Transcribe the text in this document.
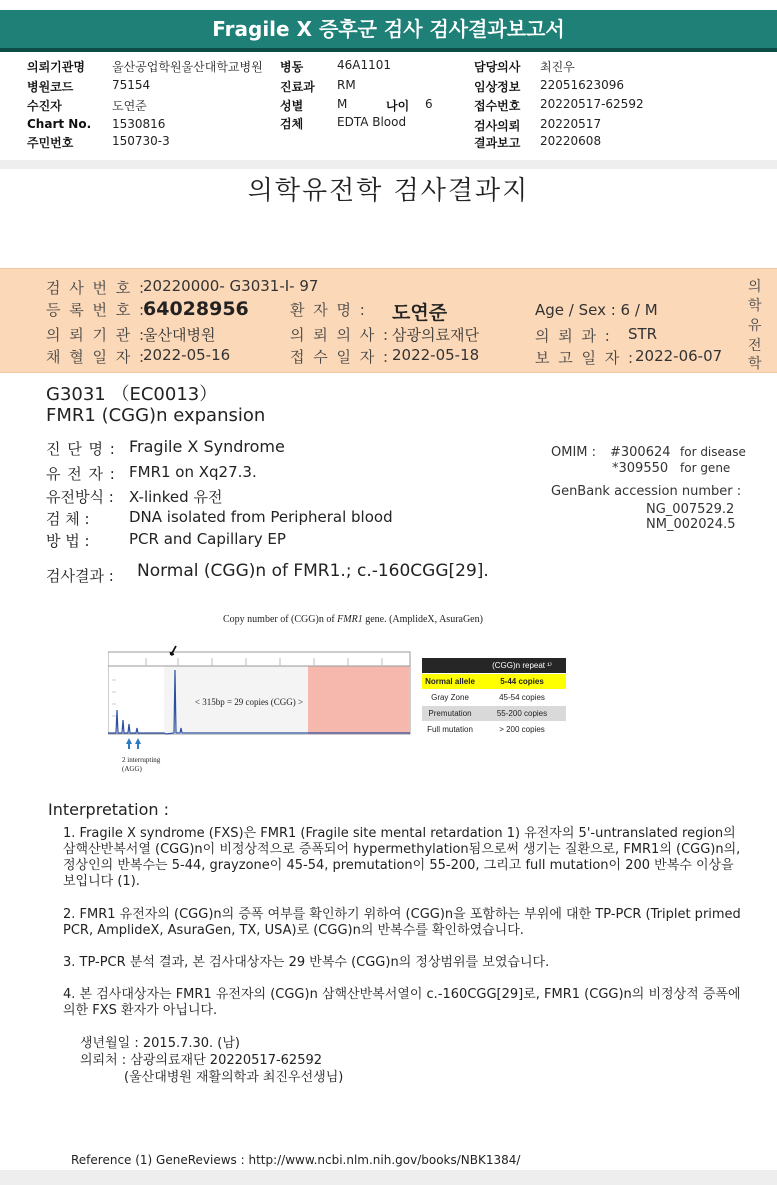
Fragile X 증후군 검사 검사결과보고서
의뢰기관명 울산공업학원울산대학교병원
병원코드	75154
수진자	도연준
Chart No. 1530816
주민번호	150730-3
병동	46A1101
진료과 RM
성별	M	나이 6
검체	EDTA Blood
담당의사 최진우
임상정보 22051623096
접수번호 20220517-62592
검사의뢰 20220517
결과보고 20220608
의학유전학 검사결과지
검 사 번 호 :
20220000- G3031-I- 97
등 록 번 호 :
64028956	환 자 명 : 도연준	Age / Sex : 6 / M
의 뢰 기 관 :
울산대병원	의 뢰 의 사 : 삼광의료재단	의 뢰 과 : STR
채 혈 일 자 :
2022-05-16	접 수 일 자 : 2022-05-18	보 고 일 자 : 2022-06-07
의
학
유
전
학
G3031 （EC0013）
FMR1 (CGG)n expansion
진 단 명 : Fragile X Syndrome
유 전 자 : FMR1 on Xq27.3.
유전방식 : X-linked 유전
검 체 :	DNA isolated from Peripheral blood
방 법 :	PCR and Capillary EP
OMIM : #300624 for disease
*309550 for gene
GenBank accession number :
NG_007529.2
NM_002024.5
검사결과 : Normal (CGG)n of FMR1.; c.-160CGG[29].
Copy number of (CGG)n of FMR1 gene. (AmplideX, AsuraGen)
< 315bp = 29 copies (CGG) >
2 interrupting
(AGG)
	(CGG)n repeat ¹⁾
Normal allele	5-44 copies
Gray Zone	45-54 copies
Premutation	55-200 copies
Full mutation	> 200 copies
Interpretation :
1. Fragile X syndrome (FXS)은 FMR1 (Fragile site mental retardation 1) 유전자의 5'-untranslated region의 삼핵산반복서열 (CGG)n이 비정상적으로 증폭되어 hypermethylation됨으로써 생기는 질환으로, FMR1의 (CGG)n의, 정상인의 반복수는 5-44, grayzone이 45-54, premutation이 55-200, 그리고 full mutation이 200 반복수 이상을 보입니다 (1).
2. FMR1 유전자의 (CGG)n의 증폭 여부를 확인하기 위하여 (CGG)n을 포함하는 부위에 대한 TP-PCR (Triplet primed PCR, AmplideX, AsuraGen, TX, USA)로 (CGG)n의 반복수를 확인하였습니다.
3. TP-PCR 분석 결과, 본 검사대상자는 29 반복수 (CGG)n의 정상범위를 보였습니다.
4. 본 검사대상자는 FMR1 유전자의 (CGG)n 삼핵산반복서열이 c.-160CGG[29]로, FMR1 (CGG)n의 비정상적 증폭에 의한 FXS 환자가 아닙니다.
생년월일 : 2015.7.30. (남)
의뢰처 : 삼광의료재단 20220517-62592
(울산대병원 재활의학과 최진우선생님)
Reference (1) GeneReviews : http://www.ncbi.nlm.nih.gov/books/NBK1384/
